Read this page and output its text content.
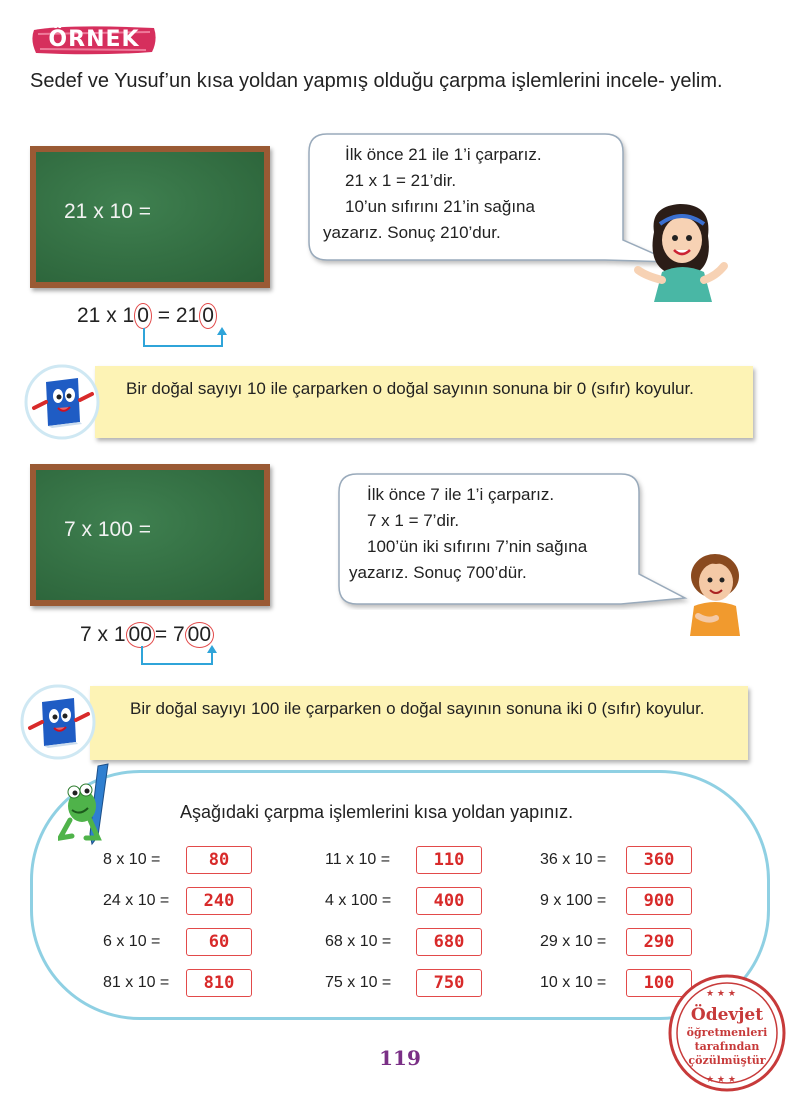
ÖRNEK
Sedef ve Yusuf’un kısa yoldan yapmış olduğu çarpma işlemlerini incele- yelim.
21 x 10 =
İlk önce 21 ile 1’i çarparız.
21 x 1 = 21’dir.
10’un sıfırını 21’in sağına
yazarız. Sonuç 210’dur.
21 x 1 0 = 21 0
Bir doğal sayıyı 10 ile çarparken o doğal sayının sonuna bir 0 (sıfır) koyulur.
7 x 100 =
İlk önce 7 ile 1’i çarparız.
7 x 1 = 7’dir.
100’ün iki sıfırını 7’nin sağına
yazarız. Sonuç 700’dür.
7 x 1 00 = 7 00
Bir doğal sayıyı 100 ile çarparken o doğal sayının sonuna iki 0 (sıfır) koyulur.
Aşağıdaki çarpma işlemlerini kısa yoldan yapınız.
8 x 10 =	80	11 x 10 =	110	36 x 10 =	360
24 x 10 =	240	4 x 100 =	400	9 x 100 =	900
6 x 10 =	60	68 x 10 =	680	29 x 10 =	290
81 x 10 =	810	75 x 10 =	750	10 x 10 =	100
119
★ ★ ★
★ ★ ★
Ödevjet
öğretmenleri
tarafından
çözülmüştür
